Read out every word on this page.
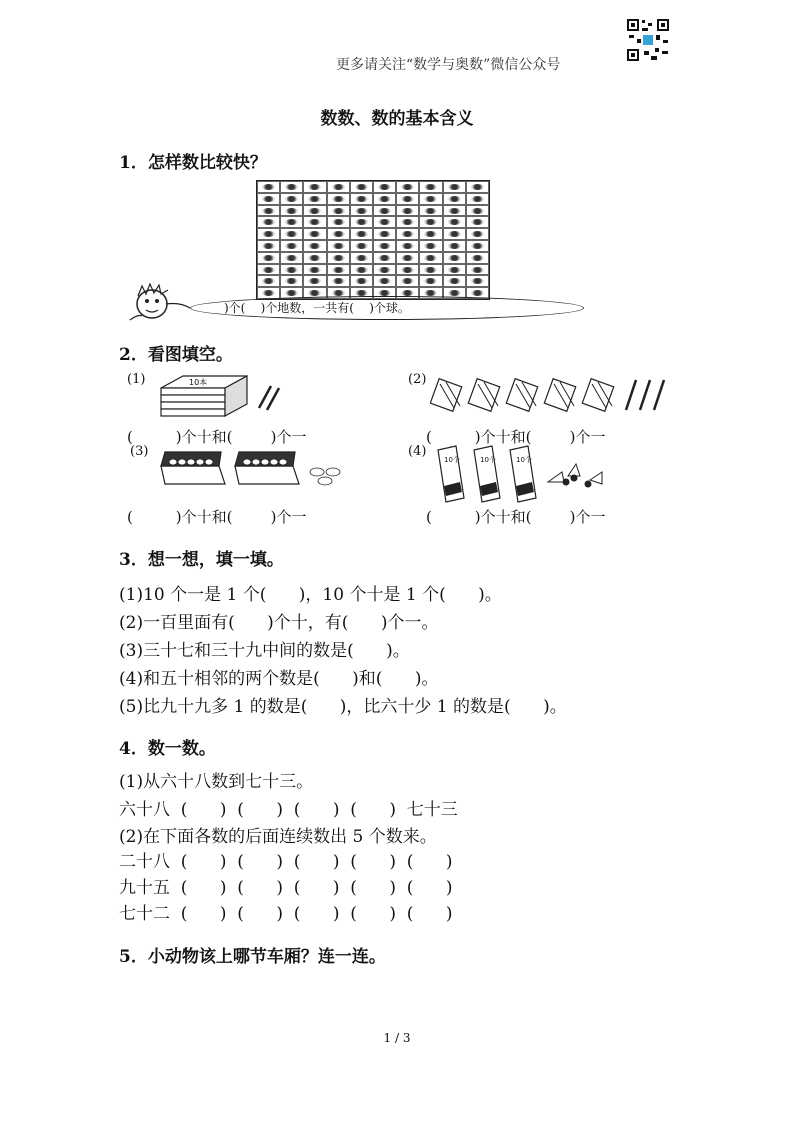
更多请关注“数学与奥数”微信公众号
数数、数的基本含义
1．怎样数比较快？
)个(    )个地数，一共有(    )个球。
2．看图填空。
(1)	10本
(         )个十和(        )个一
(2)
(         )个十和(        )个一
(3)
(         )个十和(        )个一
(4)
10个	10个	10个
(         )个十和(        )个一
3．想一想，填一填。
(1)10 个一是 1 个(      )，10 个十是 1 个(      )。
(2)一百里面有(      )个十，有(      )个一。
(3)三十七和三十九中间的数是(      )。
(4)和五十相邻的两个数是(      )和(      )。
(5)比九十九多 1 的数是(      )，比六十少 1 的数是(      )。
4．数一数。
(1)从六十八数到七十三。
六十八  (      )  (      )  (      )  (      )  七十三
(2)在下面各数的后面连续数出 5 个数来。
二十八  (      )  (      )  (      )  (      )  (      )
九十五  (      )  (      )  (      )  (      )  (      )
七十二  (      )  (      )  (      )  (      )  (      )
5．小动物该上哪节车厢？连一连。
1 / 3
